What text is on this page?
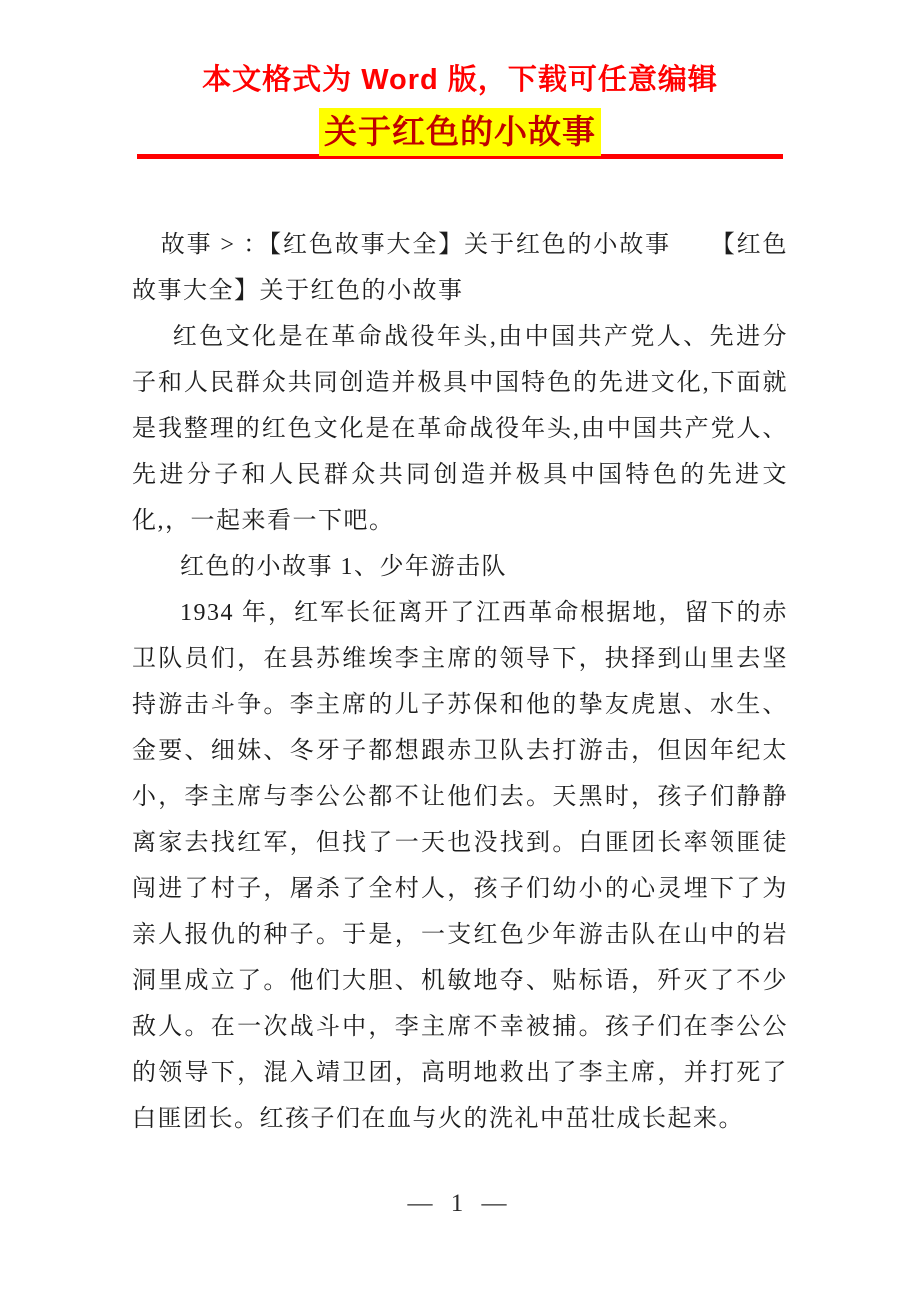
本文格式为 Word 版，下载可任意编辑
关于红色的小故事

故事 > ：【红色故事大全】关于红色的小故事　　【红色故事大全】关于红色的小故事

红色文化是在革命战役年头,由中国共产党人、先进分子和人民群众共同创造并极具中国特色的先进文化,下面就是我整理的红色文化是在革命战役年头,由中国共产党人、先进分子和人民群众共同创造并极具中国特色的先进文化,，一起来看一下吧。

红色的小故事 1、少年游击队

1934 年，红军长征离开了江西革命根据地，留下的赤卫队员们，在县苏维埃李主席的领导下，抉择到山里去坚持游击斗争。李主席的儿子苏保和他的挚友虎崽、水生、金要、细妹、冬牙子都想跟赤卫队去打游击，但因年纪太小，李主席与李公公都不让他们去。天黑时，孩子们静静离家去找红军，但找了一天也没找到。白匪团长率领匪徒闯进了村子，屠杀了全村人，孩子们幼小的心灵埋下了为亲人报仇的种子。于是，一支红色少年游击队在山中的岩洞里成立了。他们大胆、机敏地夺、贴标语，歼灭了不少敌人。在一次战斗中，李主席不幸被捕。孩子们在李公公的领导下，混入靖卫团，高明地救出了李主席，并打死了白匪团长。红孩子们在血与火的洗礼中茁壮成长起来。

— 1 —
